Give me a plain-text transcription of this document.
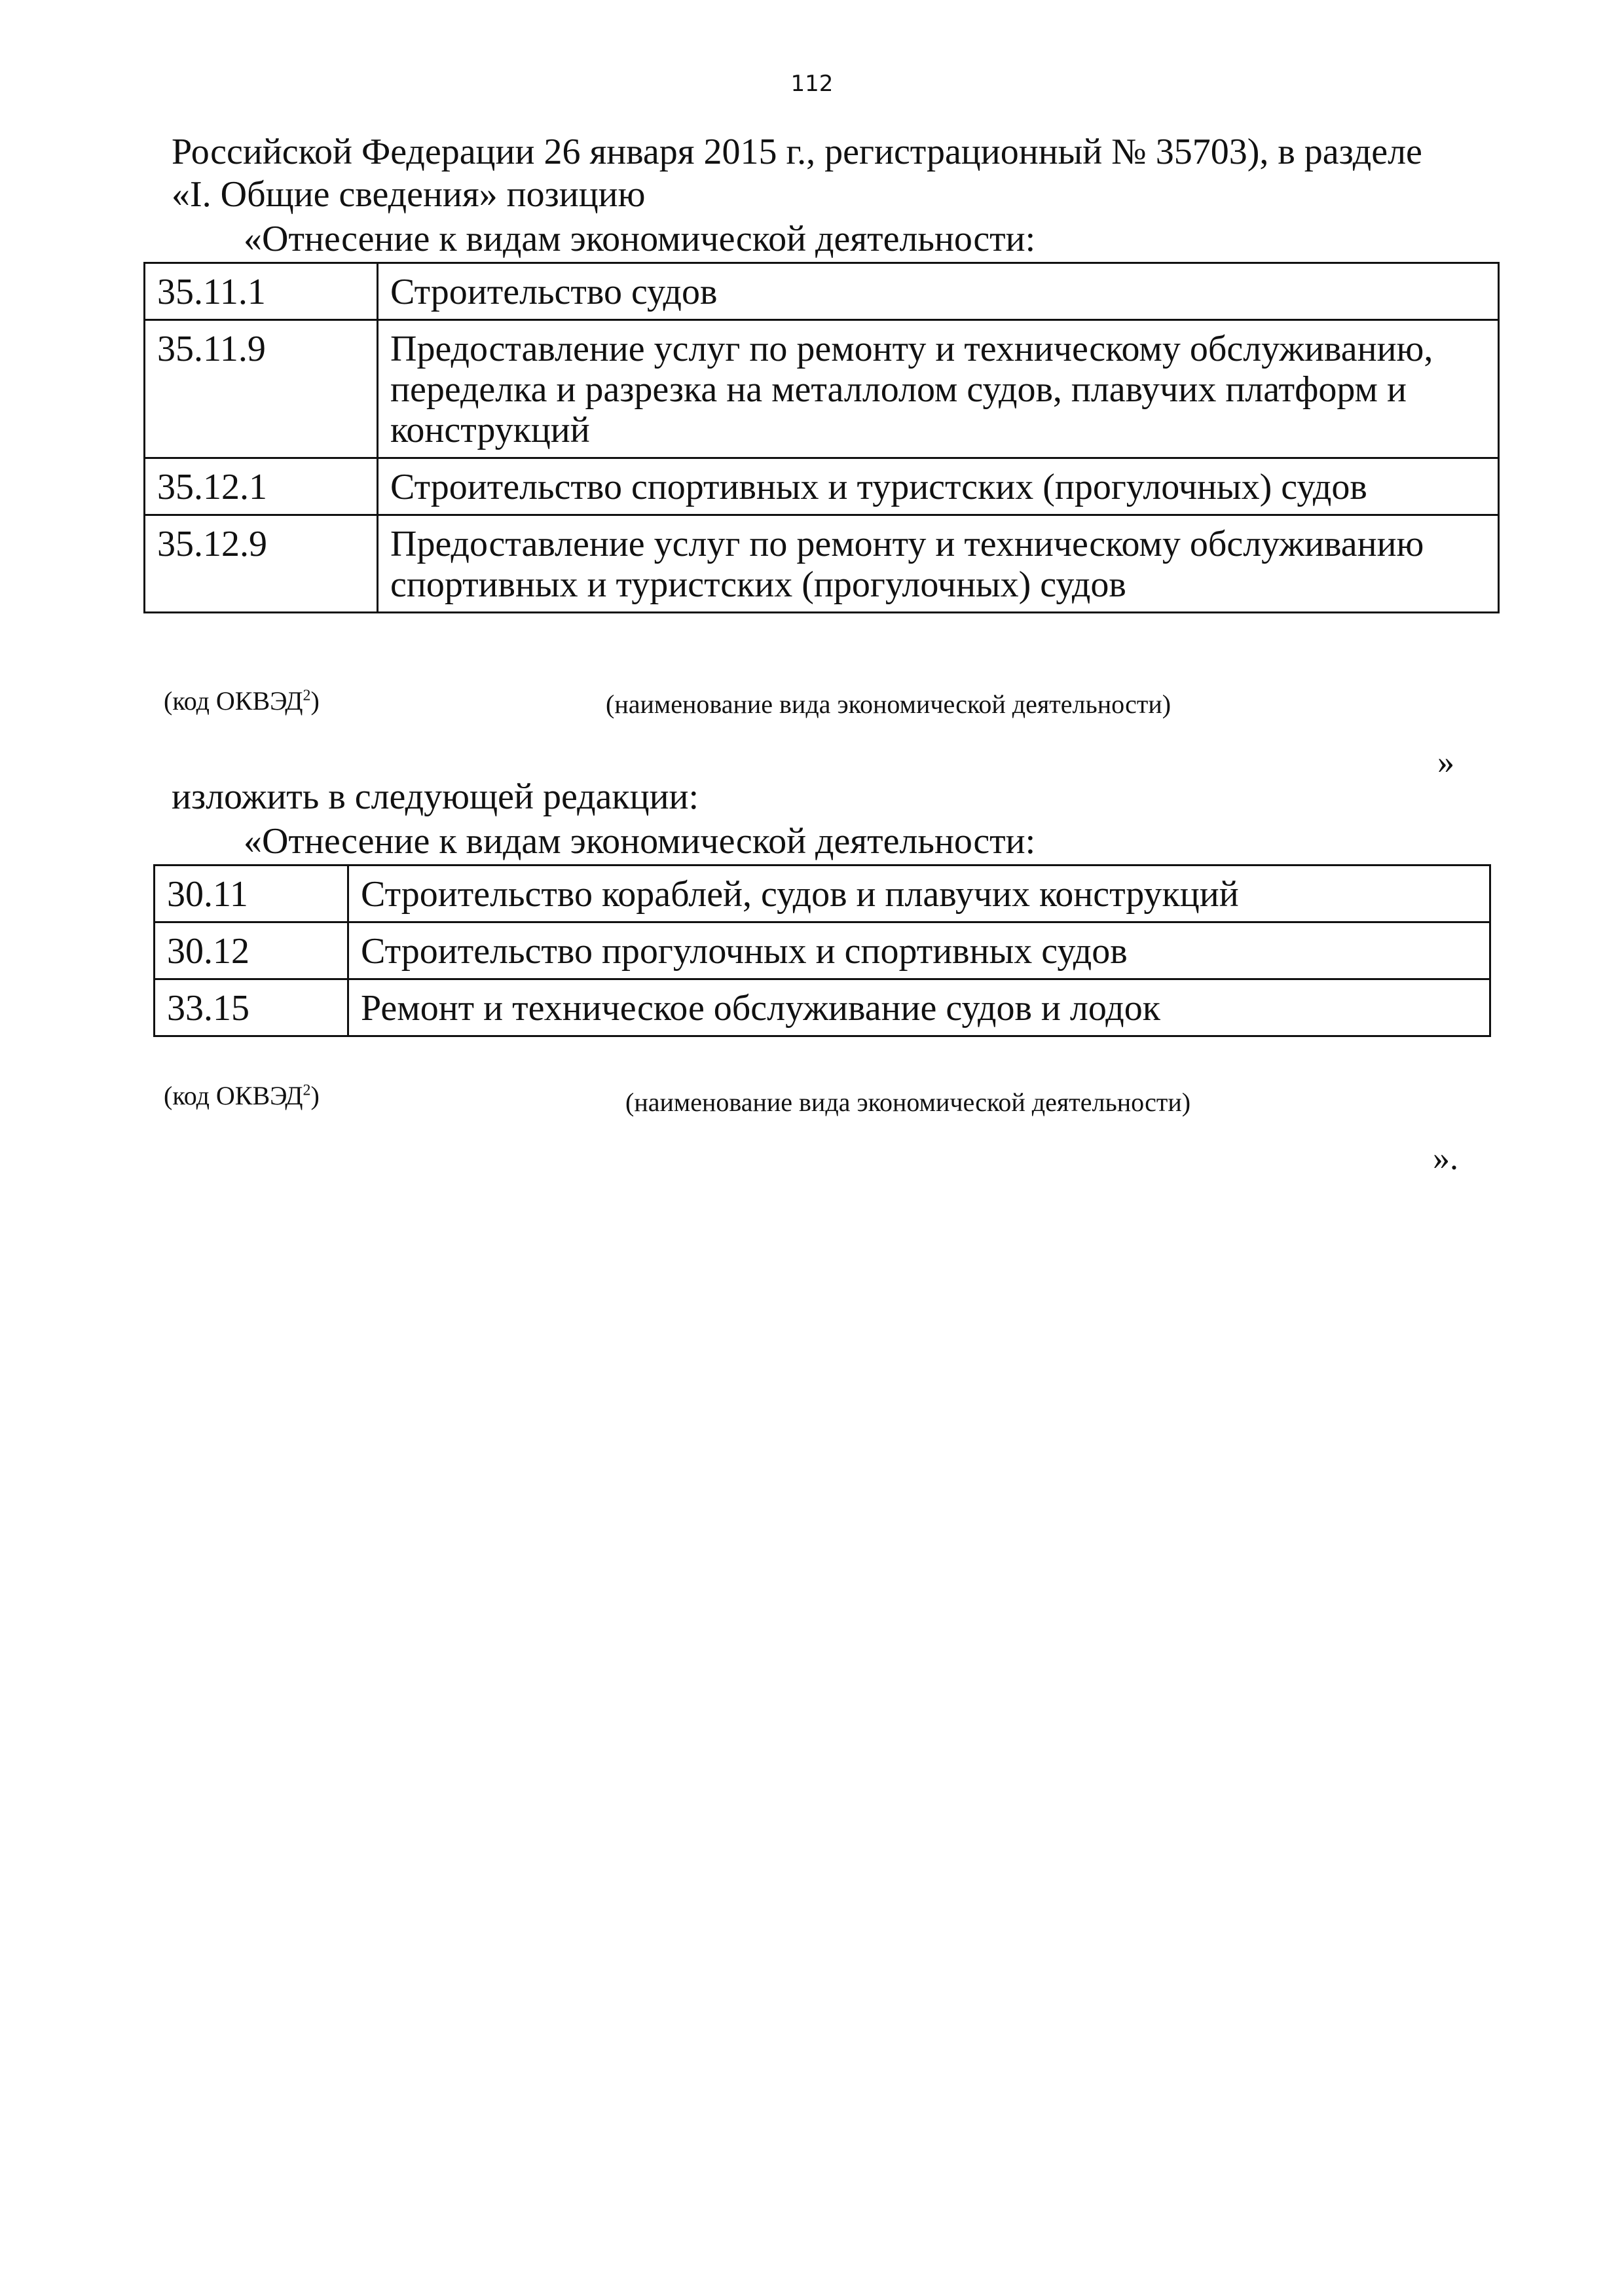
112
Российской Федерации 26 января 2015 г., регистрационный № 35703), в разделе
«I. Общие сведения» позицию
«Отнесение к видам экономической деятельности:
35.11.1	Строительство судов
35.11.9	Предоставление услуг по ремонту и техническому обслуживанию, переделка и разрезка на металлолом судов, плавучих платформ и конструкций
35.12.1	Строительство спортивных и туристских (прогулочных) судов
35.12.9	Предоставление услуг по ремонту и техническому обслуживанию спортивных и туристских (прогулочных) судов
(код ОКВЭД$^2$)	(наименование вида экономической деятельности)
»
изложить в следующей редакции:
«Отнесение к видам экономической деятельности:
30.11	Строительство кораблей, судов и плавучих конструкций
30.12	Строительство прогулочных и спортивных судов
33.15	Ремонт и техническое обслуживание судов и лодок
(код ОКВЭД$^2$)	(наименование вида экономической деятельности)
».
